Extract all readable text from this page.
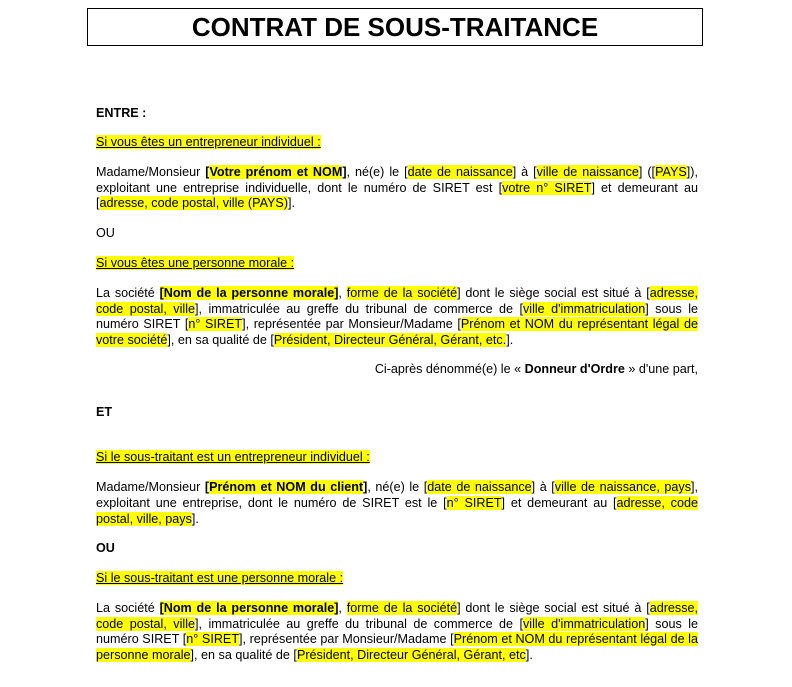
CONTRAT DE SOUS-TRAITANCE

ENTRE :

Si vous êtes un entrepreneur individuel :

Madame/Monsieur [Votre prénom et NOM], né(e) le [date de naissance] à [ville de naissance] ([PAYS]), exploitant une entreprise individuelle, dont le numéro de SIRET est [votre n° SIRET] et demeurant au [adresse, code postal, ville (PAYS)].

OU

Si vous êtes une personne morale :

La société [Nom de la personne morale], forme de la société] dont le siège social est situé à [adresse, code postal, ville], immatriculée au greffe du tribunal de commerce de [ville d'immatriculation] sous le numéro SIRET [n° SIRET], représentée par Monsieur/Madame [Prénom et NOM du représentant légal de votre société], en sa qualité de [Président, Directeur Général, Gérant, etc.].

Ci-après dénommé(e) le « Donneur d'Ordre » d'une part,

ET

Si le sous-traitant est un entrepreneur individuel :

Madame/Monsieur [Prénom et NOM du client], né(e) le [date de naissance] à [ville de naissance, pays], exploitant une entreprise, dont le numéro de SIRET est le [n° SIRET] et demeurant au [adresse, code postal, ville, pays].

OU

Si le sous-traitant est une personne morale :

La société [Nom de la personne morale], forme de la société] dont le siège social est situé à [adresse, code postal, ville], immatriculée au greffe du tribunal de commerce de [ville d'immatriculation] sous le numéro SIRET [n° SIRET], représentée par Monsieur/Madame [Prénom et NOM du représentant légal de la personne morale], en sa qualité de [Président, Directeur Général, Gérant, etc].
